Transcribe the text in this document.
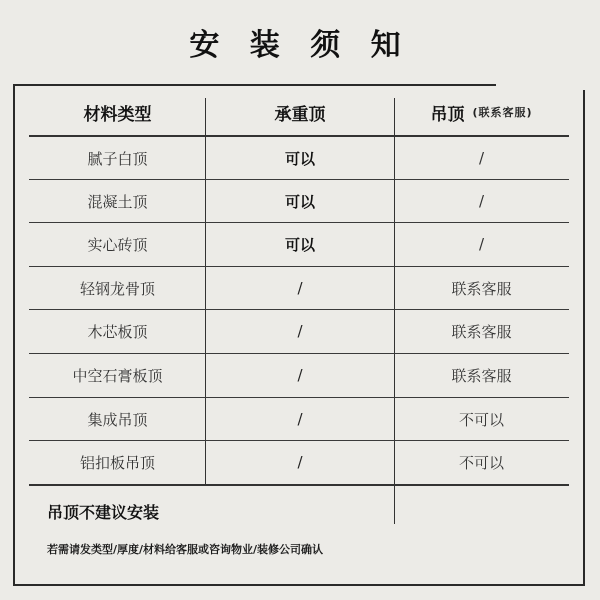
安 装 须 知
材料类型	承重顶	吊顶 (联系客服)
腻子白顶	可以	/
混凝土顶	可以	/
实心砖顶	可以	/
轻钢龙骨顶	/	联系客服
木芯板顶	/	联系客服
中空石膏板顶	/	联系客服
集成吊顶	/	不可以
铝扣板吊顶	/	不可以
吊顶不建议安装
若需请发类型/厚度/材料给客服或咨询物业/装修公司确认
